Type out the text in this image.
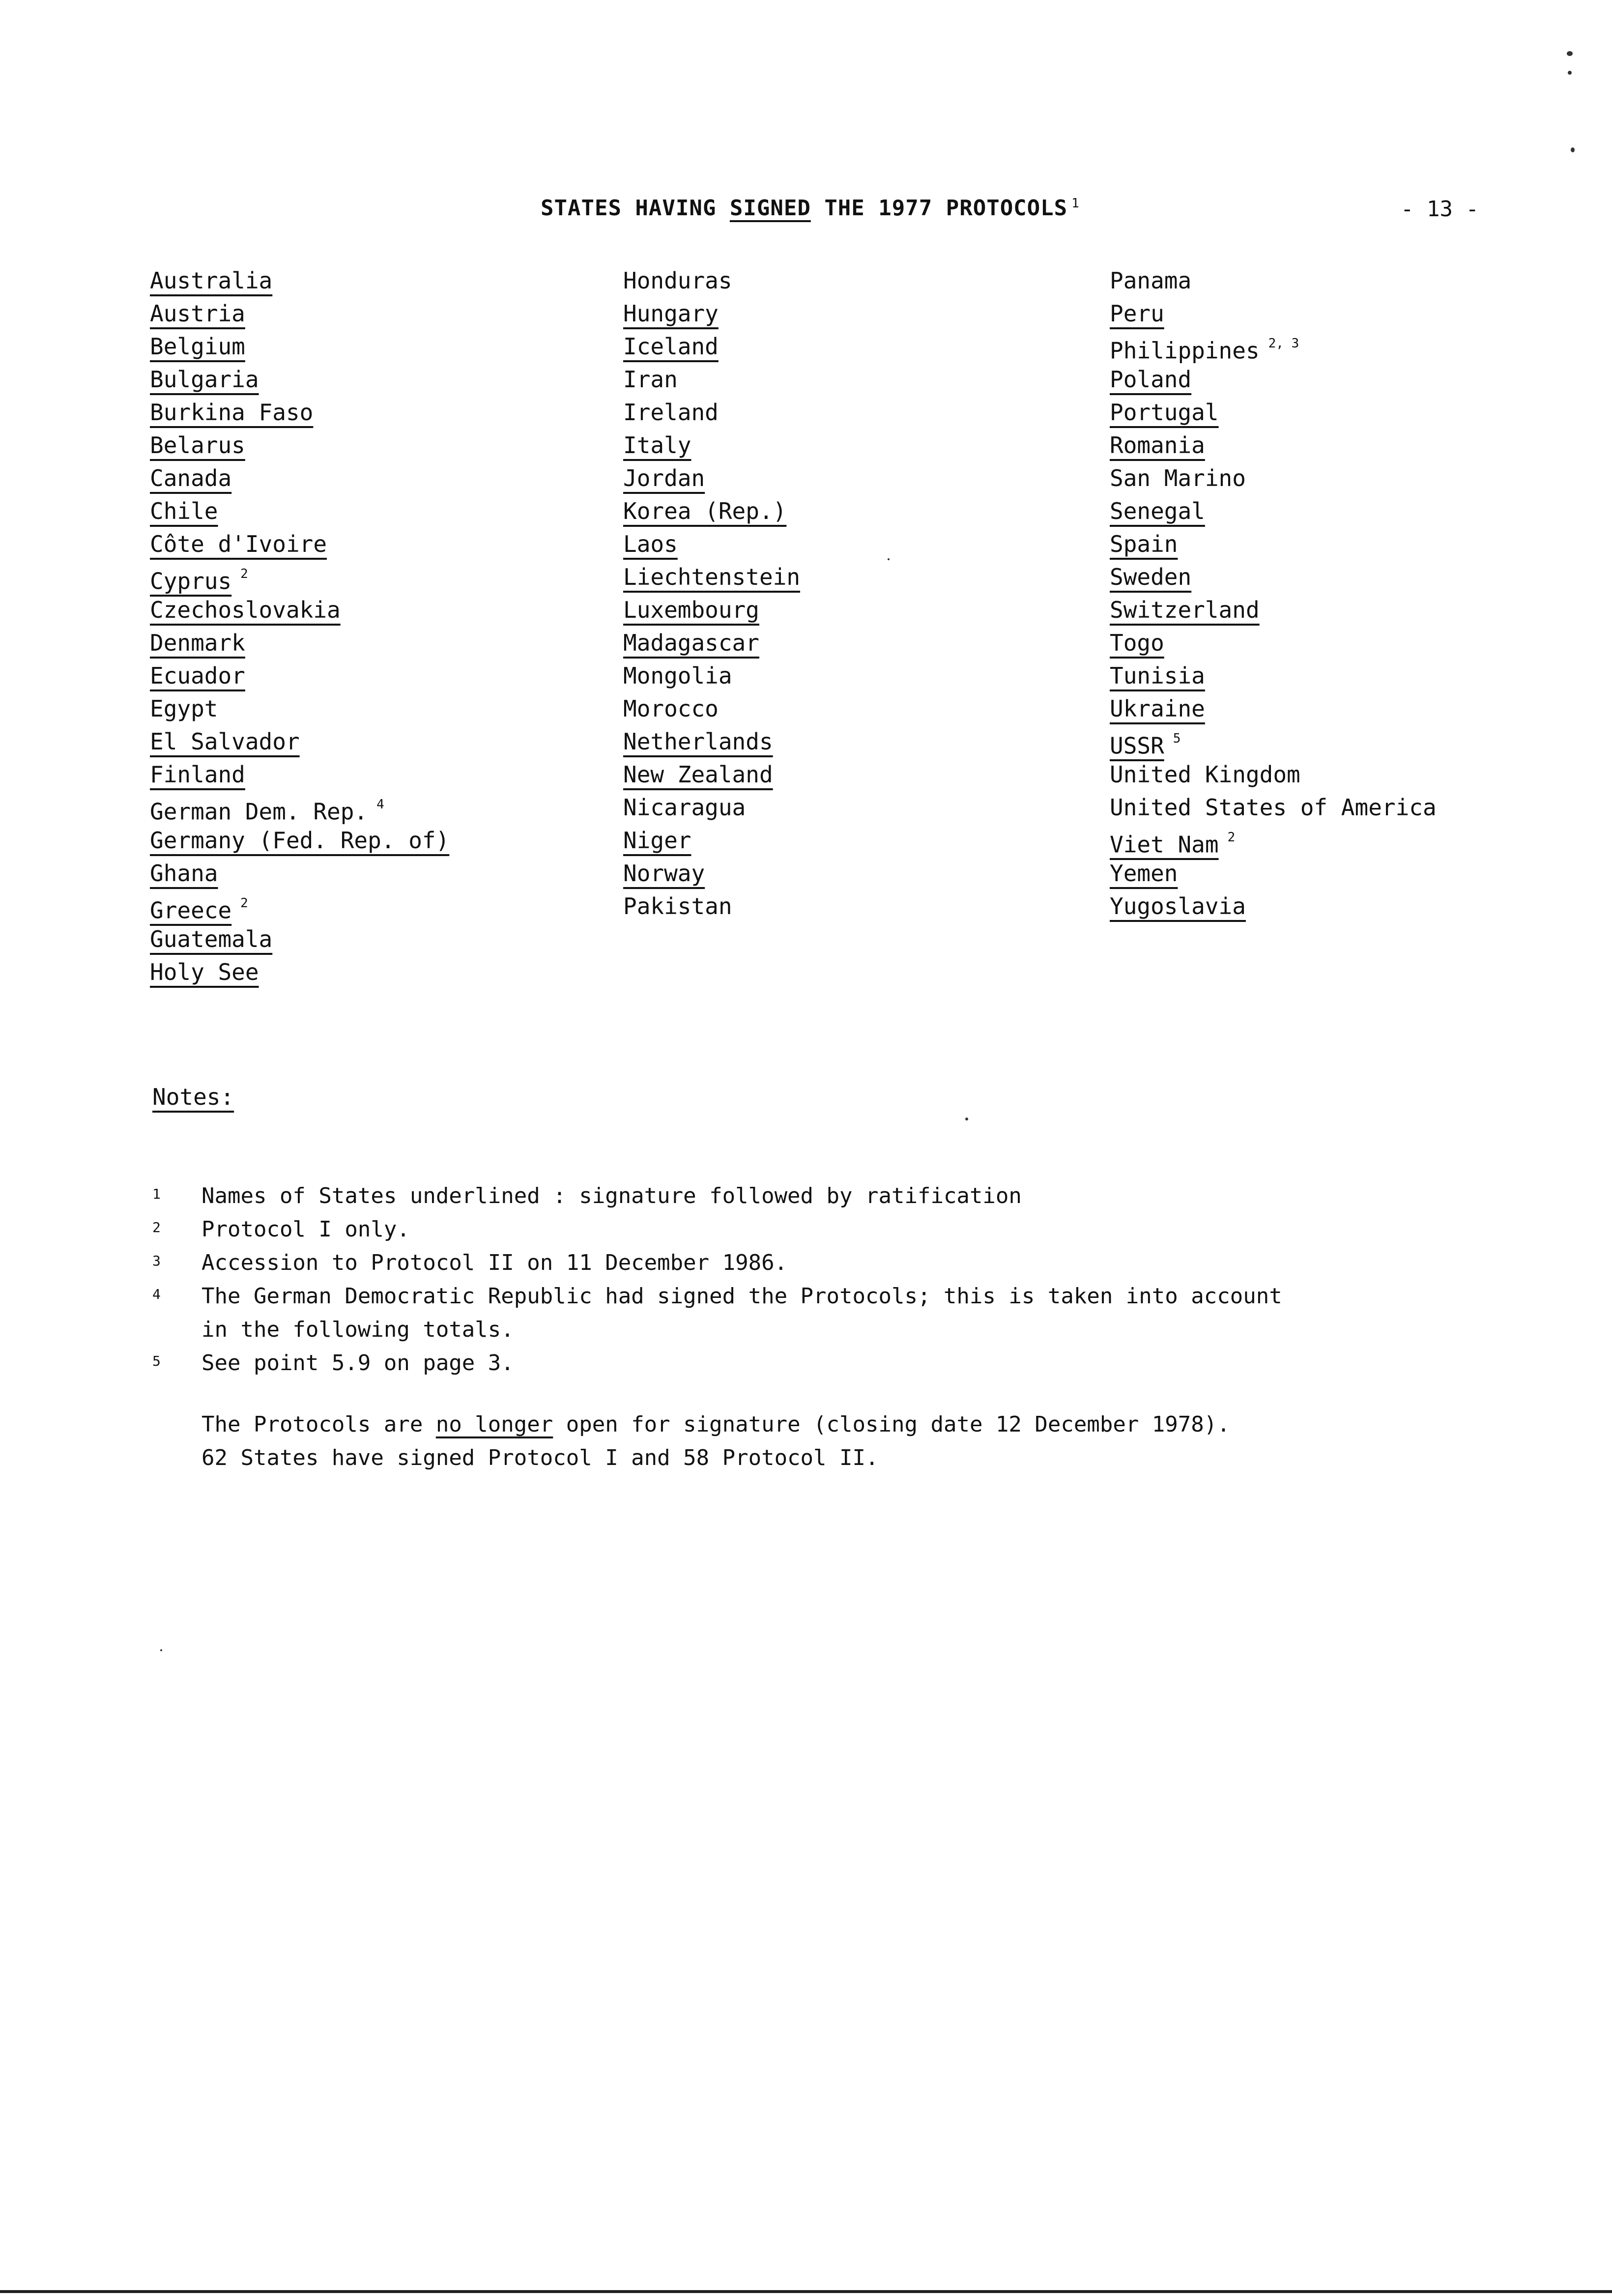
STATES HAVING SIGNED THE 1977 PROTOCOLS $^1$	- 13 -
Australia
Austria
Belgium
Bulgaria
Burkina Faso
Belarus
Canada
Chile
Côte d'Ivoire
Cyprus $^2$
Czechoslovakia
Denmark
Ecuador
Egypt
El Salvador
Finland
German Dem. Rep. $^4$
Germany (Fed. Rep. of)
Ghana
Greece $^2$
Guatemala
Holy See
Honduras
Hungary
Iceland
Iran
Ireland
Italy
Jordan
Korea (Rep.)
Laos
Liechtenstein
Luxembourg
Madagascar
Mongolia
Morocco
Netherlands
New Zealand
Nicaragua
Niger
Norway
Pakistan
Panama
Peru
Philippines $^{2, 3}$
Poland
Portugal
Romania
San Marino
Senegal
Spain
Sweden
Switzerland
Togo
Tunisia
Ukraine
USSR $^5$
United Kingdom
United States of America
Viet Nam $^2$
Yemen
Yugoslavia
Notes:
1 Names of States underlined : signature followed by ratification
2 Protocol I only.
3 Accession to Protocol II on 11 December 1986.
4 The German Democratic Republic had signed the Protocols; this is taken into account
in the following totals.
5 See point 5.9 on page 3.
The Protocols are no longer open for signature (closing date 12 December 1978).
62 States have signed Protocol I and 58 Protocol II.
